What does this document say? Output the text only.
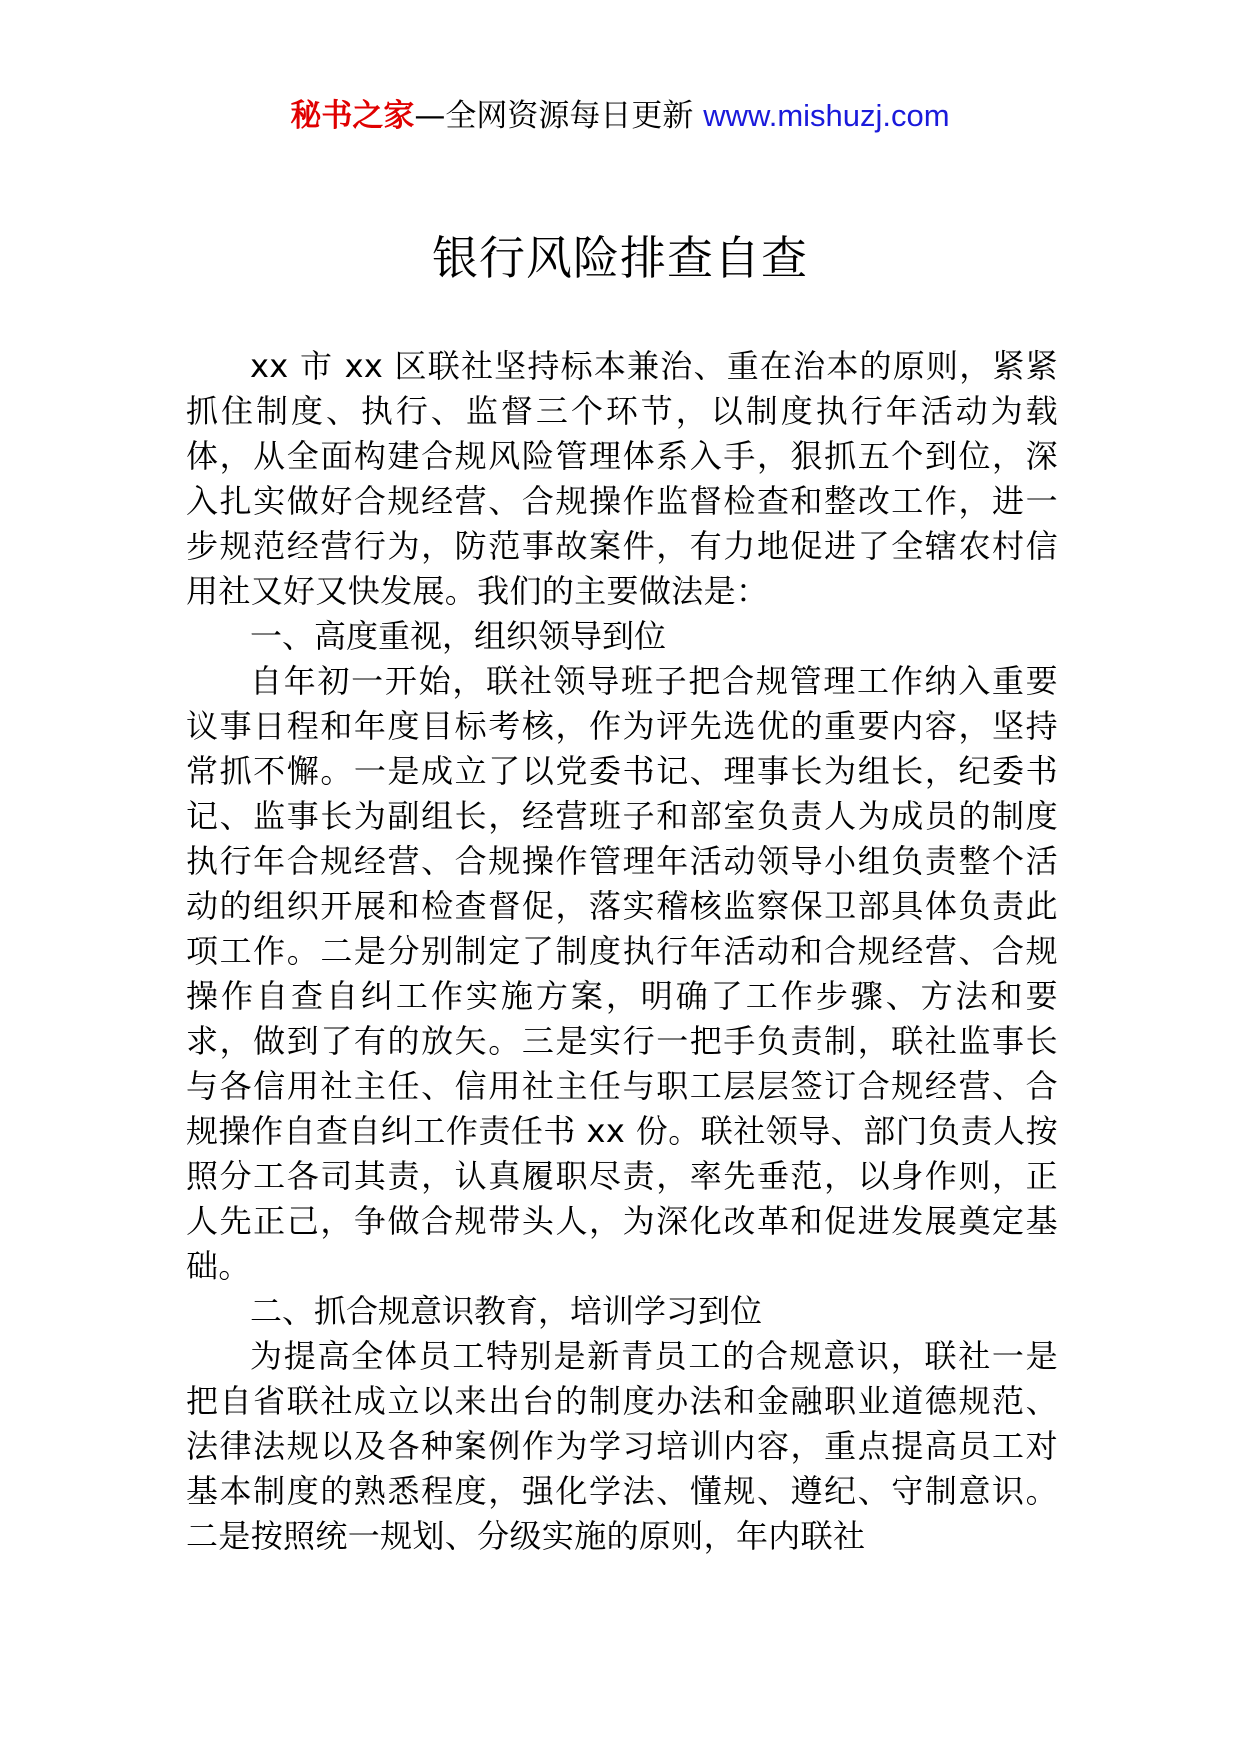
秘书之家—全网资源每日更新 www.mishuzj.com
银行风险排查自查

xx 市 xx 区联社坚持标本兼治、重在治本的原则，紧紧抓住制度、执行、监督三个环节，以制度执行年活动为载体，从全面构建合规风险管理体系入手，狠抓五个到位，深入扎实做好合规经营、合规操作监督检查和整改工作，进一步规范经营行为，防范事故案件，有力地促进了全辖农村信用社又好又快发展。我们的主要做法是：

一、高度重视，组织领导到位

自年初一开始，联社领导班子把合规管理工作纳入重要议事日程和年度目标考核，作为评先选优的重要内容，坚持常抓不懈。一是成立了以党委书记、理事长为组长，纪委书记、监事长为副组长，经营班子和部室负责人为成员的制度执行年合规经营、合规操作管理年活动领导小组负责整个活动的组织开展和检查督促，落实稽核监察保卫部具体负责此项工作。二是分别制定了制度执行年活动和合规经营、合规操作自查自纠工作实施方案，明确了工作步骤、方法和要求，做到了有的放矢。三是实行一把手负责制，联社监事长与各信用社主任、信用社主任与职工层层签订合规经营、合规操作自查自纠工作责任书 xx 份。联社领导、部门负责人按照分工各司其责，认真履职尽责，率先垂范，以身作则，正人先正己，争做合规带头人，为深化改革和促进发展奠定基础。

二、抓合规意识教育，培训学习到位

为提高全体员工特别是新青员工的合规意识，联社一是把自省联社成立以来出台的制度办法和金融职业道德规范、法律法规以及各种案例作为学习培训内容，重点提高员工对基本制度的熟悉程度，强化学法、懂规、遵纪、守制意识。二是按照统一规划、分级实施的原则，年内联社
